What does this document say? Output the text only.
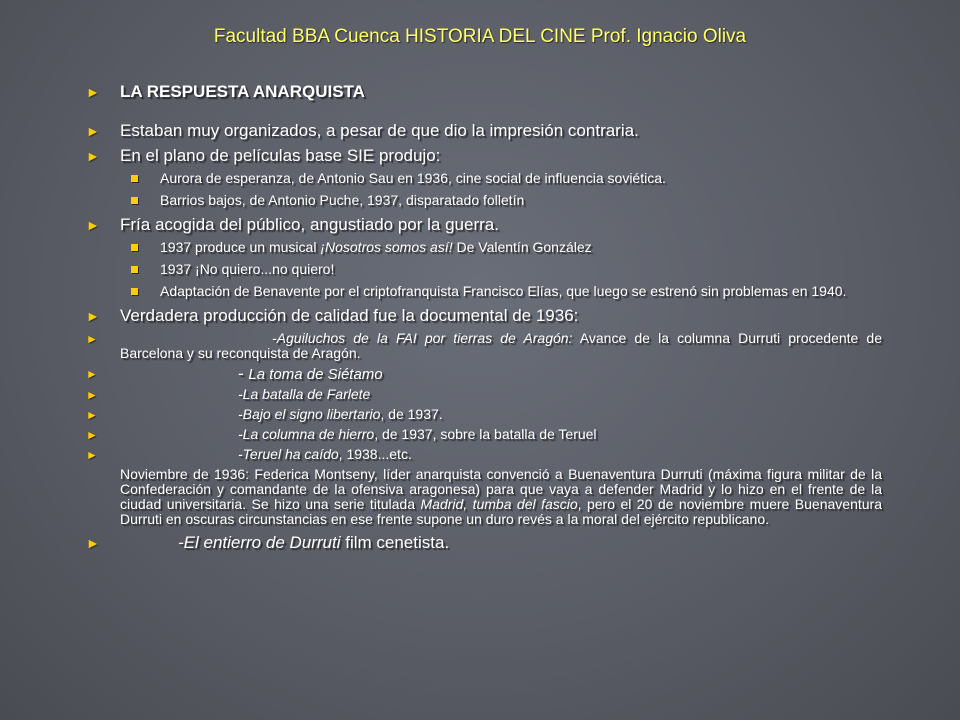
Facultad BBA Cuenca HISTORIA DEL CINE Prof. Ignacio Oliva
► LA RESPUESTA ANARQUISTA
► Estaban muy organizados, a pesar de que dio la impresión contraria.
► En el plano de películas base SIE produjo:
Aurora de esperanza, de Antonio Sau en 1936, cine social de influencia soviética.
Barrios bajos, de Antonio Puche, 1937, disparatado folletín
► Fría acogida del público, angustiado por la guerra.
1937 produce un musical ¡Nosotros somos así! De Valentín González
1937 ¡No quiero...no quiero!
Adaptación de Benavente por el criptofranquista Francisco Elías, que luego se estrenó sin problemas en 1940.
► Verdadera producción de calidad fue la documental de 1936:
►	-Aguiluchos de la FAI por tierras de Aragón: Avance de la columna Durruti procedente de Barcelona y su reconquista de Aragón.
►	- La toma de Siétamo
►	-La batalla de Farlete
►	-Bajo el signo libertario, de 1937.
►	-La columna de hierro, de 1937, sobre la batalla de Teruel
►	-Teruel ha caído, 1938...etc.
Noviembre de 1936: Federica Montseny, líder anarquista convenció a Buenaventura Durruti (máxima figura militar de la Confederación y comandante de la ofensiva aragonesa) para que vaya a defender Madrid y lo hizo en el frente de la ciudad universitaria. Se hizo una serie titulada Madrid, tumba del fascio, pero el 20 de noviembre muere Buenaventura Durruti en oscuras circunstancias en ese frente supone un duro revés a la moral del ejército republicano.
►	-El entierro de Durruti film cenetista.
